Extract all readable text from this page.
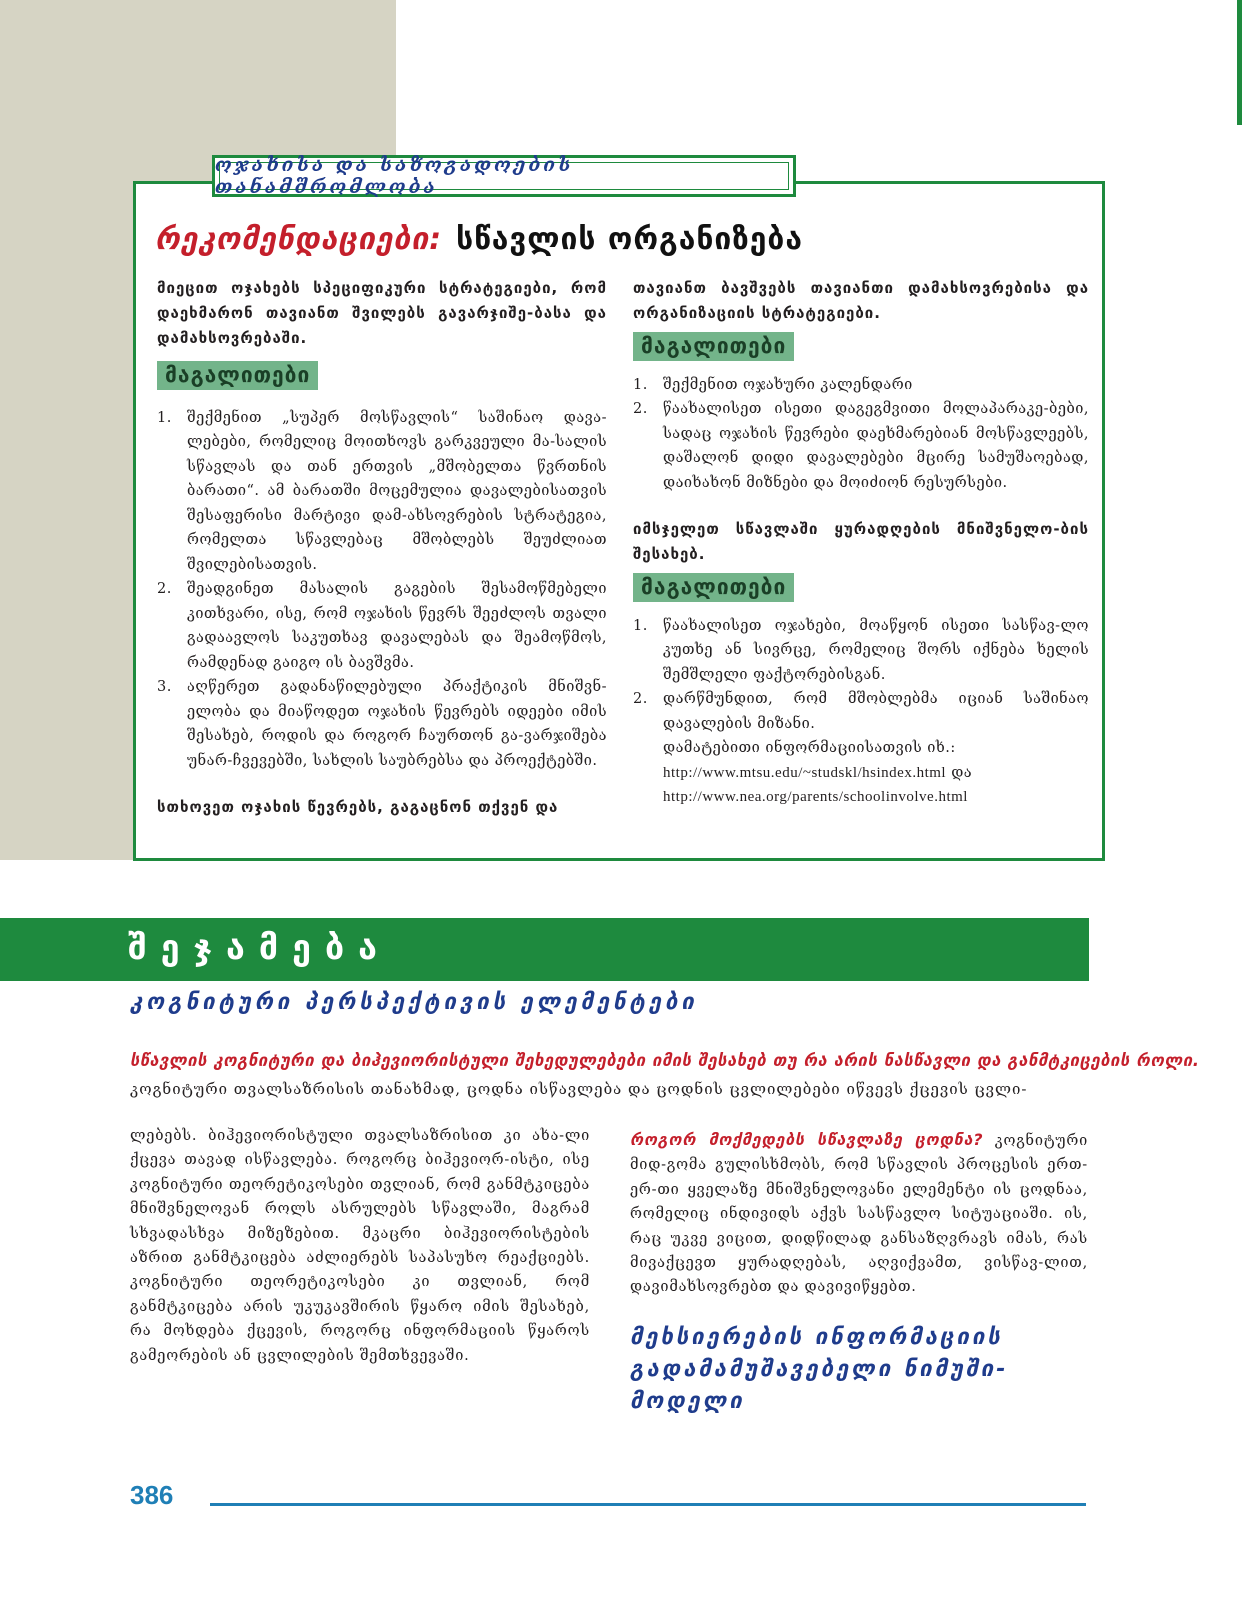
ოჯახისა და საზოგადოების თანამშრომლობა
რეკომენდაციები: სწავლის ორგანიზება

მიეცით ოჯახებს სპეციფიკური სტრატეგიები, რომ დაეხმარონ თავიანთ შვილებს გავარჯიშე-ბასა და დამახსოვრებაში.

მაგალითები
1. შექმენით „სუპერ მოსწავლის“ საშინაო დავა-ლებები, რომელიც მოითხოვს გარკვეული მა-სალის სწავლას და თან ერთვის „მშობელთა წვრთნის ბარათი“. ამ ბარათში მოცემულია დავალებისათვის შესაფერისი მარტივი დამ-ახსოვრების სტრატეგია, რომელთა სწავლებაც მშობლებს შეუძლიათ შვილებისათვის.
2. შეადგინეთ მასალის გაგების შესამოწმებელი კითხვარი, ისე, რომ ოჯახის წევრს შეეძლოს თვალი გადაავლოს საკუთხავ დავალებას და შეამოწმოს, რამდენად გაიგო ის ბავშვმა.
3. აღწერეთ გადანაწილებული პრაქტიკის მნიშვნ-ელობა და მიაწოდეთ ოჯახის წევრებს იდეები იმის შესახებ, როდის და როგორ ჩაურთონ გა-ვარჯიშება უნარ-ჩვევებში, სახლის საუბრებსა და პროექტებში.

სთხოვეთ ოჯახის წევრებს, გაგაცნონ თქვენ და

თავიანთ ბავშვებს თავიანთი დამახსოვრებისა და ორგანიზაციის სტრატეგიები.

მაგალითები
1. შექმენით ოჯახური კალენდარი
2. წაახალისეთ ისეთი დაგეგმვითი მოლაპარაკე-ბები, სადაც ოჯახის წევრები დაეხმარებიან მოსწავლეებს, დაშალონ დიდი დავალებები მცირე სამუშაოებად, დაიხახონ მიზნები და მოიძიონ რესურსები.

იმსჯელეთ სწავლაში ყურადღების მნიშვნელო-ბის შესახებ.

მაგალითები
1. წაახალისეთ ოჯახები, მოაწყონ ისეთი სასწავ-ლო კუთხე ან სივრცე, რომელიც შორს იქნება ხელის შემშლელი ფაქტორებისგან.
2. დარწმუნდით, რომ მშობლებმა იციან საშინაო დავალების მიზანი.
დამატებითი ინფორმაციისათვის იხ.:
http://www.mtsu.edu/~studskl/hsindex.html და
http://www.nea.org/parents/schoolinvolve.html
შეჯამება
კოგნიტური პერსპექტივის ელემენტები
სწავლის კოგნიტური და ბიჰევიორისტული შეხედულებები იმის შესახებ თუ რა არის ნასწავლი და განმტკიცების როლი.
კოგნიტური თვალსაზრისის თანახმად, ცოდნა ისწავლება და ცოდნის ცვლილებები იწვევს ქცევის ცვლი-

ლებებს. ბიჰევიორისტული თვალსაზრისით კი ახა-ლი ქცევა თავად ისწავლება. როგორც ბიჰევიორ-ისტი, ისე კოგნიტური თეორეტიკოსები თვლიან, რომ განმტკიცება მნიშვნელოვან როლს ასრულებს სწავლაში, მაგრამ სხვადასხვა მიზეზებით. მკაცრი ბიჰევიორისტების აზრით განმტკიცება აძლიერებს საპასუხო რეაქციებს. კოგნიტური თეორეტიკოსები კი თვლიან, რომ განმტკიცება არის უკუკავშირის წყარო იმის შესახებ, რა მოხდება ქცევის, როგორც ინფორმაციის წყაროს გამეორების ან ცვლილების შემთხვევაში.

როგორ მოქმედებს სწავლაზე ცოდნა? კოგნიტური მიდ-გომა გულისხმობს, რომ სწავლის პროცესის ერთ-ერ-თი ყველაზე მნიშვნელოვანი ელემენტი ის ცოდნაა, რომელიც ინდივიდს აქვს სასწავლო სიტუაციაში. ის, რაც უკვე ვიცით, დიდწილად განსაზღვრავს იმას, რას მივაქცევთ ყურადღებას, აღვიქვამთ, ვისწავ-ლით, დავიმახსოვრებთ და დავივიწყებთ.

მეხსიერების ინფორმაციის გადამამუშავებელი ნიმუში-მოდელი
386
